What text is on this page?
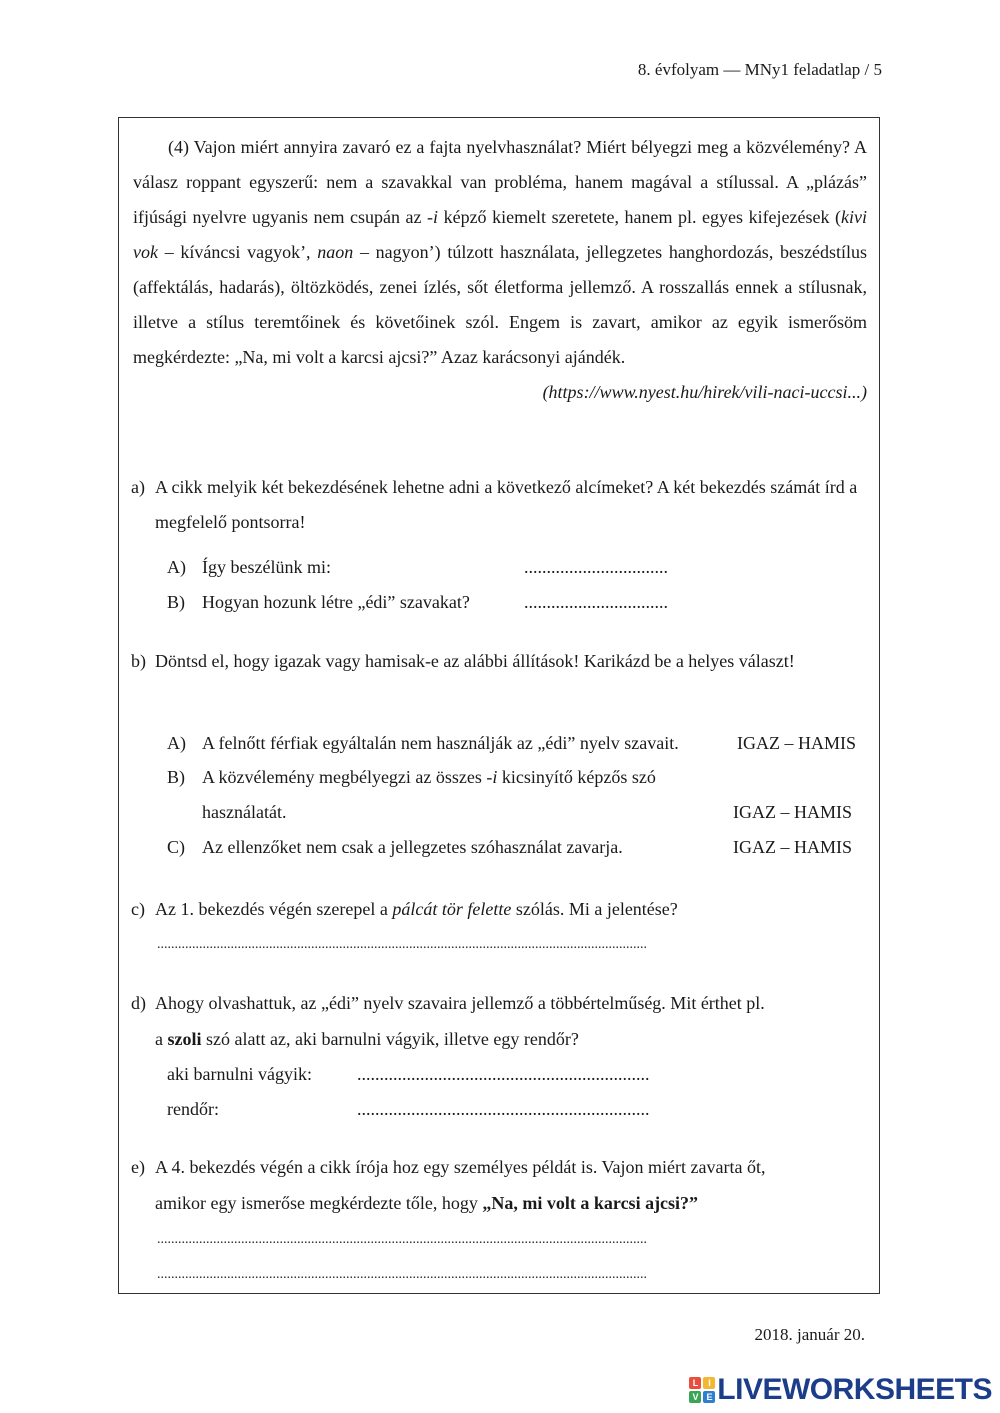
8. évfolyam — MNy1 feladatlap / 5

(4) Vajon miért annyira zavaró ez a fajta nyelvhasználat? Miért bélyegzi meg a közvélemény? A válasz roppant egyszerű: nem a szavakkal van probléma, hanem magával a stílussal. A „plázás” ifjúsági nyelvre ugyanis nem csupán az -i képző kiemelt szeretete, hanem pl. egyes kifejezések (kivi vok – kíváncsi vagyok’, naon – nagyon’) túlzott használata, jellegzetes hanghordozás, beszédstílus (affektálás, hadarás), öltözködés, zenei ízlés, sőt életforma jellemző. A rosszallás ennek a stílusnak, illetve a stílus teremtőinek és követőinek szól. Engem is zavart, amikor az egyik ismerősöm megkérdezte: „Na, mi volt a karcsi ajcsi?” Azaz karácsonyi ajándék.

(https://www.nyest.hu/hirek/vili-naci-uccsi...)
a) A cikk melyik két bekezdésének lehetne adni a következő alcímeket? A két bekezdés számát írd a megfelelő pontsorra!
A) Így beszélünk mi:	................................
B) Hogyan hozunk létre „édi” szavakat?	................................
b) Döntsd el, hogy igazak vagy hamisak-e az alábbi állítások! Karikázd be a helyes választ!
A) A felnőtt férfiak egyáltalán nem használják az „édi” nyelv szavait.	IGAZ – HAMIS
B) A közvélemény megbélyegzi az összes -i kicsinyítő képzős szó
használatát.	IGAZ – HAMIS
C) Az ellenzőket nem csak a jellegzetes szóhasználat zavarja.	IGAZ – HAMIS
c) Az 1. bekezdés végén szerepel a pálcát tör felette szólás. Mi a jelentése?
............................................................................................................................................
d) Ahogy olvashattuk, az „édi” nyelv szavaira jellemző a többértelműség. Mit érthet pl.
a szoli szó alatt az, aki barnulni vágyik, illetve egy rendőr?
aki barnulni vágyik:	.................................................................
rendőr:	.................................................................
e) A 4. bekezdés végén a cikk írója hoz egy személyes példát is. Vajon miért zavarta őt,
amikor egy ismerőse megkérdezte tőle, hogy „Na, mi volt a karcsi ajcsi?”
............................................................................................................................................
............................................................................................................................................
2018. január 20.
L	I
V E LIVEWORKSHEETS
